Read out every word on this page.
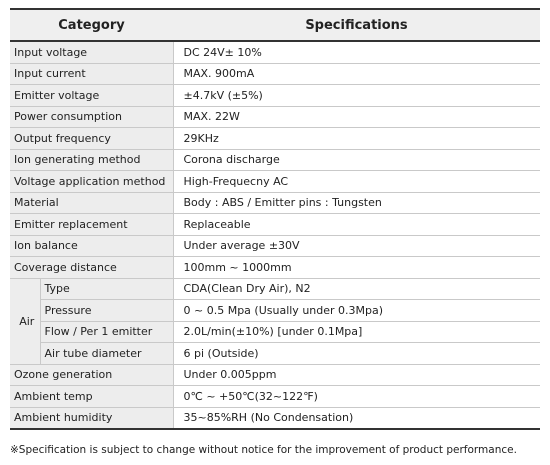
Category		Specifications
Input voltage		DC 24V± 10%
Input current		MAX. 900mA
Emitter voltage		±4.7kV (±5%)
Power consumption		MAX. 22W
Output frequency		29KHz
Ion generating method		Corona discharge
Voltage application method		High-Frequecny AC
Material		Body : ABS / Emitter pins : Tungsten
Emitter replacement		Replaceable
Ion balance		Under average ±30V
Coverage distance		100mm ~ 1000mm
Air	Type	CDA(Clean Dry Air), N2
	Pressure	0 ~ 0.5 Mpa (Usually under 0.3Mpa)
	Flow / Per 1 emitter	2.0L/min(±10%) [under 0.1Mpa]
	Air tube diameter	6 pi (Outside)
Ozone generation		Under 0.005ppm
Ambient temp		0℃ ~ +50℃(32~122℉)
Ambient humidity		35~85%RH (No Condensation)
※Specification is subject to change without notice for the improvement of product performance.
